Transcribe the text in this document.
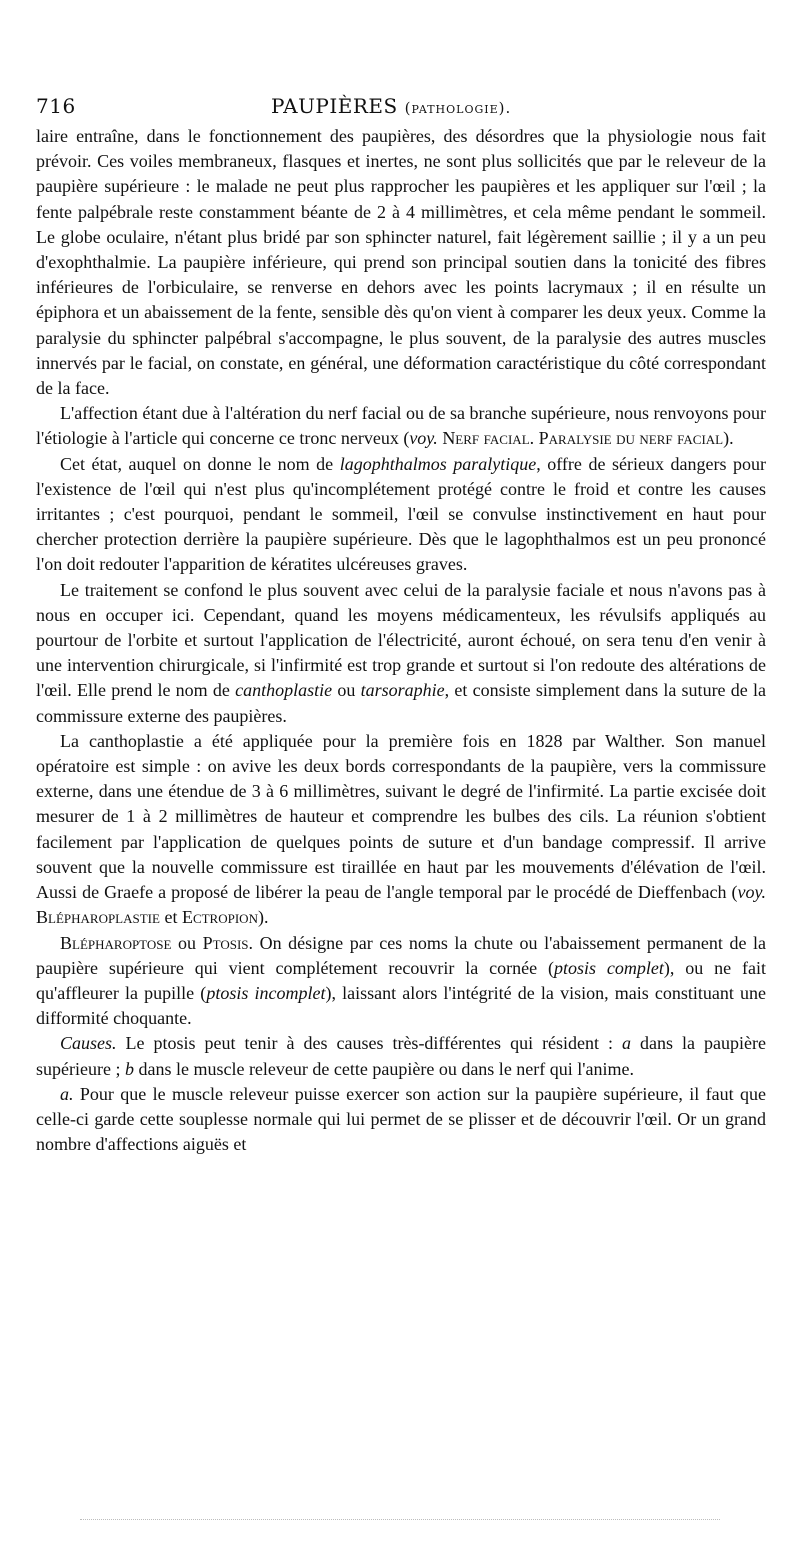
716	PAUPIÈRES (pathologie).

laire entraîne, dans le fonctionnement des paupières, des désordres que la physiologie nous fait prévoir. Ces voiles membraneux, flasques et inertes, ne sont plus sollicités que par le releveur de la paupière supérieure : le malade ne peut plus rapprocher les paupières et les appliquer sur l'œil ; la fente palpébrale reste constamment béante de 2 à 4 millimètres, et cela même pendant le sommeil. Le globe oculaire, n'étant plus bridé par son sphincter naturel, fait légèrement saillie ; il y a un peu d'exophthalmie. La paupière inférieure, qui prend son principal soutien dans la tonicité des fibres inférieures de l'orbiculaire, se renverse en dehors avec les points lacrymaux ; il en résulte un épiphora et un abaissement de la fente, sensible dès qu'on vient à comparer les deux yeux. Comme la paralysie du sphincter palpébral s'accompagne, le plus souvent, de la paralysie des autres muscles innervés par le facial, on constate, en général, une déformation caractéristique du côté correspondant de la face.

L'affection étant due à l'altération du nerf facial ou de sa branche supérieure, nous renvoyons pour l'étiologie à l'article qui concerne ce tronc nerveux (voy. Nerf facial. Paralysie du nerf facial).

Cet état, auquel on donne le nom de lagophthalmos paralytique, offre de sérieux dangers pour l'existence de l'œil qui n'est plus qu'incomplétement protégé contre le froid et contre les causes irritantes ; c'est pourquoi, pendant le sommeil, l'œil se convulse instinctivement en haut pour chercher protection derrière la paupière supérieure. Dès que le lagophthalmos est un peu prononcé l'on doit redouter l'apparition de kératites ulcéreuses graves.

Le traitement se confond le plus souvent avec celui de la paralysie faciale et nous n'avons pas à nous en occuper ici. Cependant, quand les moyens médicamenteux, les révulsifs appliqués au pourtour de l'orbite et surtout l'application de l'électricité, auront échoué, on sera tenu d'en venir à une intervention chirurgicale, si l'infirmité est trop grande et surtout si l'on redoute des altérations de l'œil. Elle prend le nom de canthoplastie ou tarsoraphie, et consiste simplement dans la suture de la commissure externe des paupières.

La canthoplastie a été appliquée pour la première fois en 1828 par Walther. Son manuel opératoire est simple : on avive les deux bords correspondants de la paupière, vers la commissure externe, dans une étendue de 3 à 6 millimètres, suivant le degré de l'infirmité. La partie excisée doit mesurer de 1 à 2 millimètres de hauteur et comprendre les bulbes des cils. La réunion s'obtient facilement par l'application de quelques points de suture et d'un bandage compressif. Il arrive souvent que la nouvelle commissure est tiraillée en haut par les mouvements d'élévation de l'œil. Aussi de Graefe a proposé de libérer la peau de l'angle temporal par le procédé de Dieffenbach (voy. Blépharoplastie et Ectropion).

Blépharoptose ou Ptosis. On désigne par ces noms la chute ou l'abaissement permanent de la paupière supérieure qui vient complétement recouvrir la cornée (ptosis complet), ou ne fait qu'affleurer la pupille (ptosis incomplet), laissant alors l'intégrité de la vision, mais constituant une difformité choquante.

Causes. Le ptosis peut tenir à des causes très-différentes qui résident : a dans la paupière supérieure ; b dans le muscle releveur de cette paupière ou dans le nerf qui l'anime.

a. Pour que le muscle releveur puisse exercer son action sur la paupière supérieure, il faut que celle-ci garde cette souplesse normale qui lui permet de se plisser et de découvrir l'œil. Or un grand nombre d'affections aiguës et
